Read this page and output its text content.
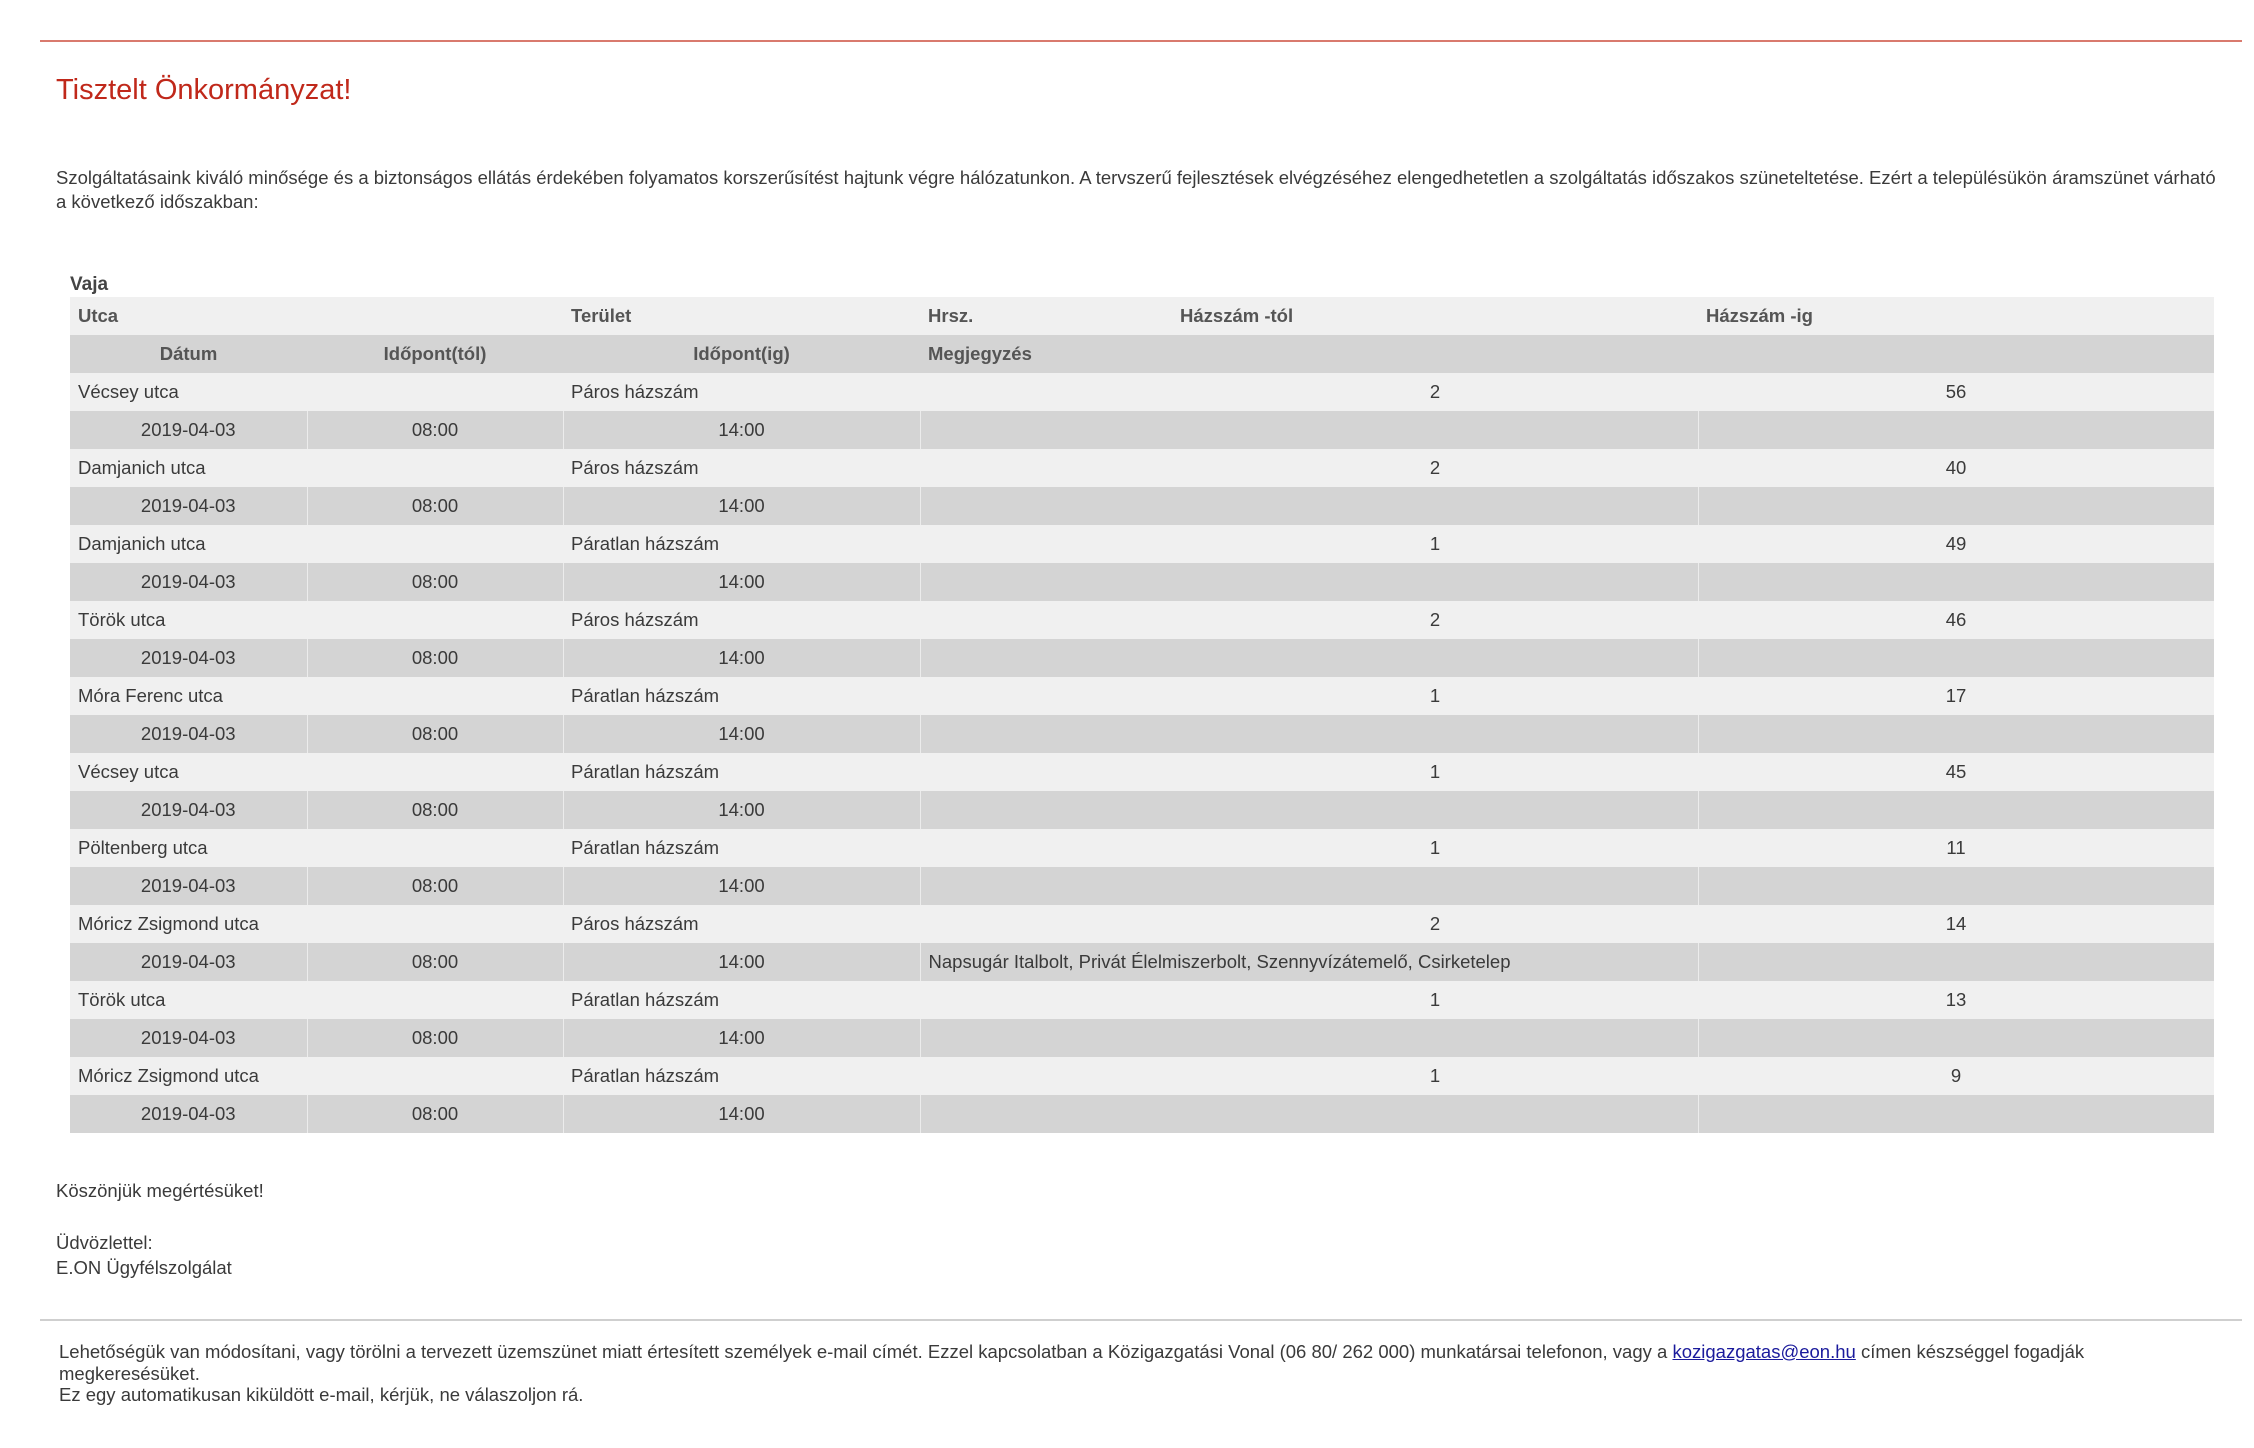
Tisztelt Önkormányzat!

Szolgáltatásaink kiváló minősége és a biztonságos ellátás érdekében folyamatos korszerűsítést hajtunk végre hálózatunkon. A tervszerű fejlesztések elvégzéséhez elengedhetetlen a szolgáltatás időszakos szüneteltetése. Ezért a településükön áramszünet várható a következő időszakban:

Vaja
Utca		Terület	Hrsz.	Házszám -tól	Házszám -ig
Dátum	Időpont(tól)	Időpont(ig)	Megjegyzés		
Vécsey utca		Páros házszám		2	56
2019-04-03	08:00	14:00			
Damjanich utca		Páros házszám		2	40
2019-04-03	08:00	14:00			
Damjanich utca		Páratlan házszám		1	49
2019-04-03	08:00	14:00			
Török utca		Páros házszám		2	46
2019-04-03	08:00	14:00			
Móra Ferenc utca		Páratlan házszám		1	17
2019-04-03	08:00	14:00			
Vécsey utca		Páratlan házszám		1	45
2019-04-03	08:00	14:00			
Pöltenberg utca		Páratlan házszám		1	11
2019-04-03	08:00	14:00			
Móricz Zsigmond utca		Páros házszám		2	14
2019-04-03	08:00	14:00	Napsugár Italbolt, Privát Élelmiszerbolt, Szennyvízátemelő, Csirketelep		
Török utca		Páratlan házszám		1	13
2019-04-03	08:00	14:00			
Móricz Zsigmond utca		Páratlan házszám		1	9
2019-04-03	08:00	14:00			
Köszönjük megértésüket!
Üdvözlettel:
E.ON Ügyfélszolgálat

Lehetőségük van módosítani, vagy törölni a tervezett üzemszünet miatt értesített személyek e-mail címét. Ezzel kapcsolatban a Közigazgatási Vonal (06 80/ 262 000) munkatársai telefonon, vagy a kozigazgatas@eon.hu címen készséggel fogadják megkeresésüket.

Ez egy automatikusan kiküldött e-mail, kérjük, ne válaszoljon rá.
